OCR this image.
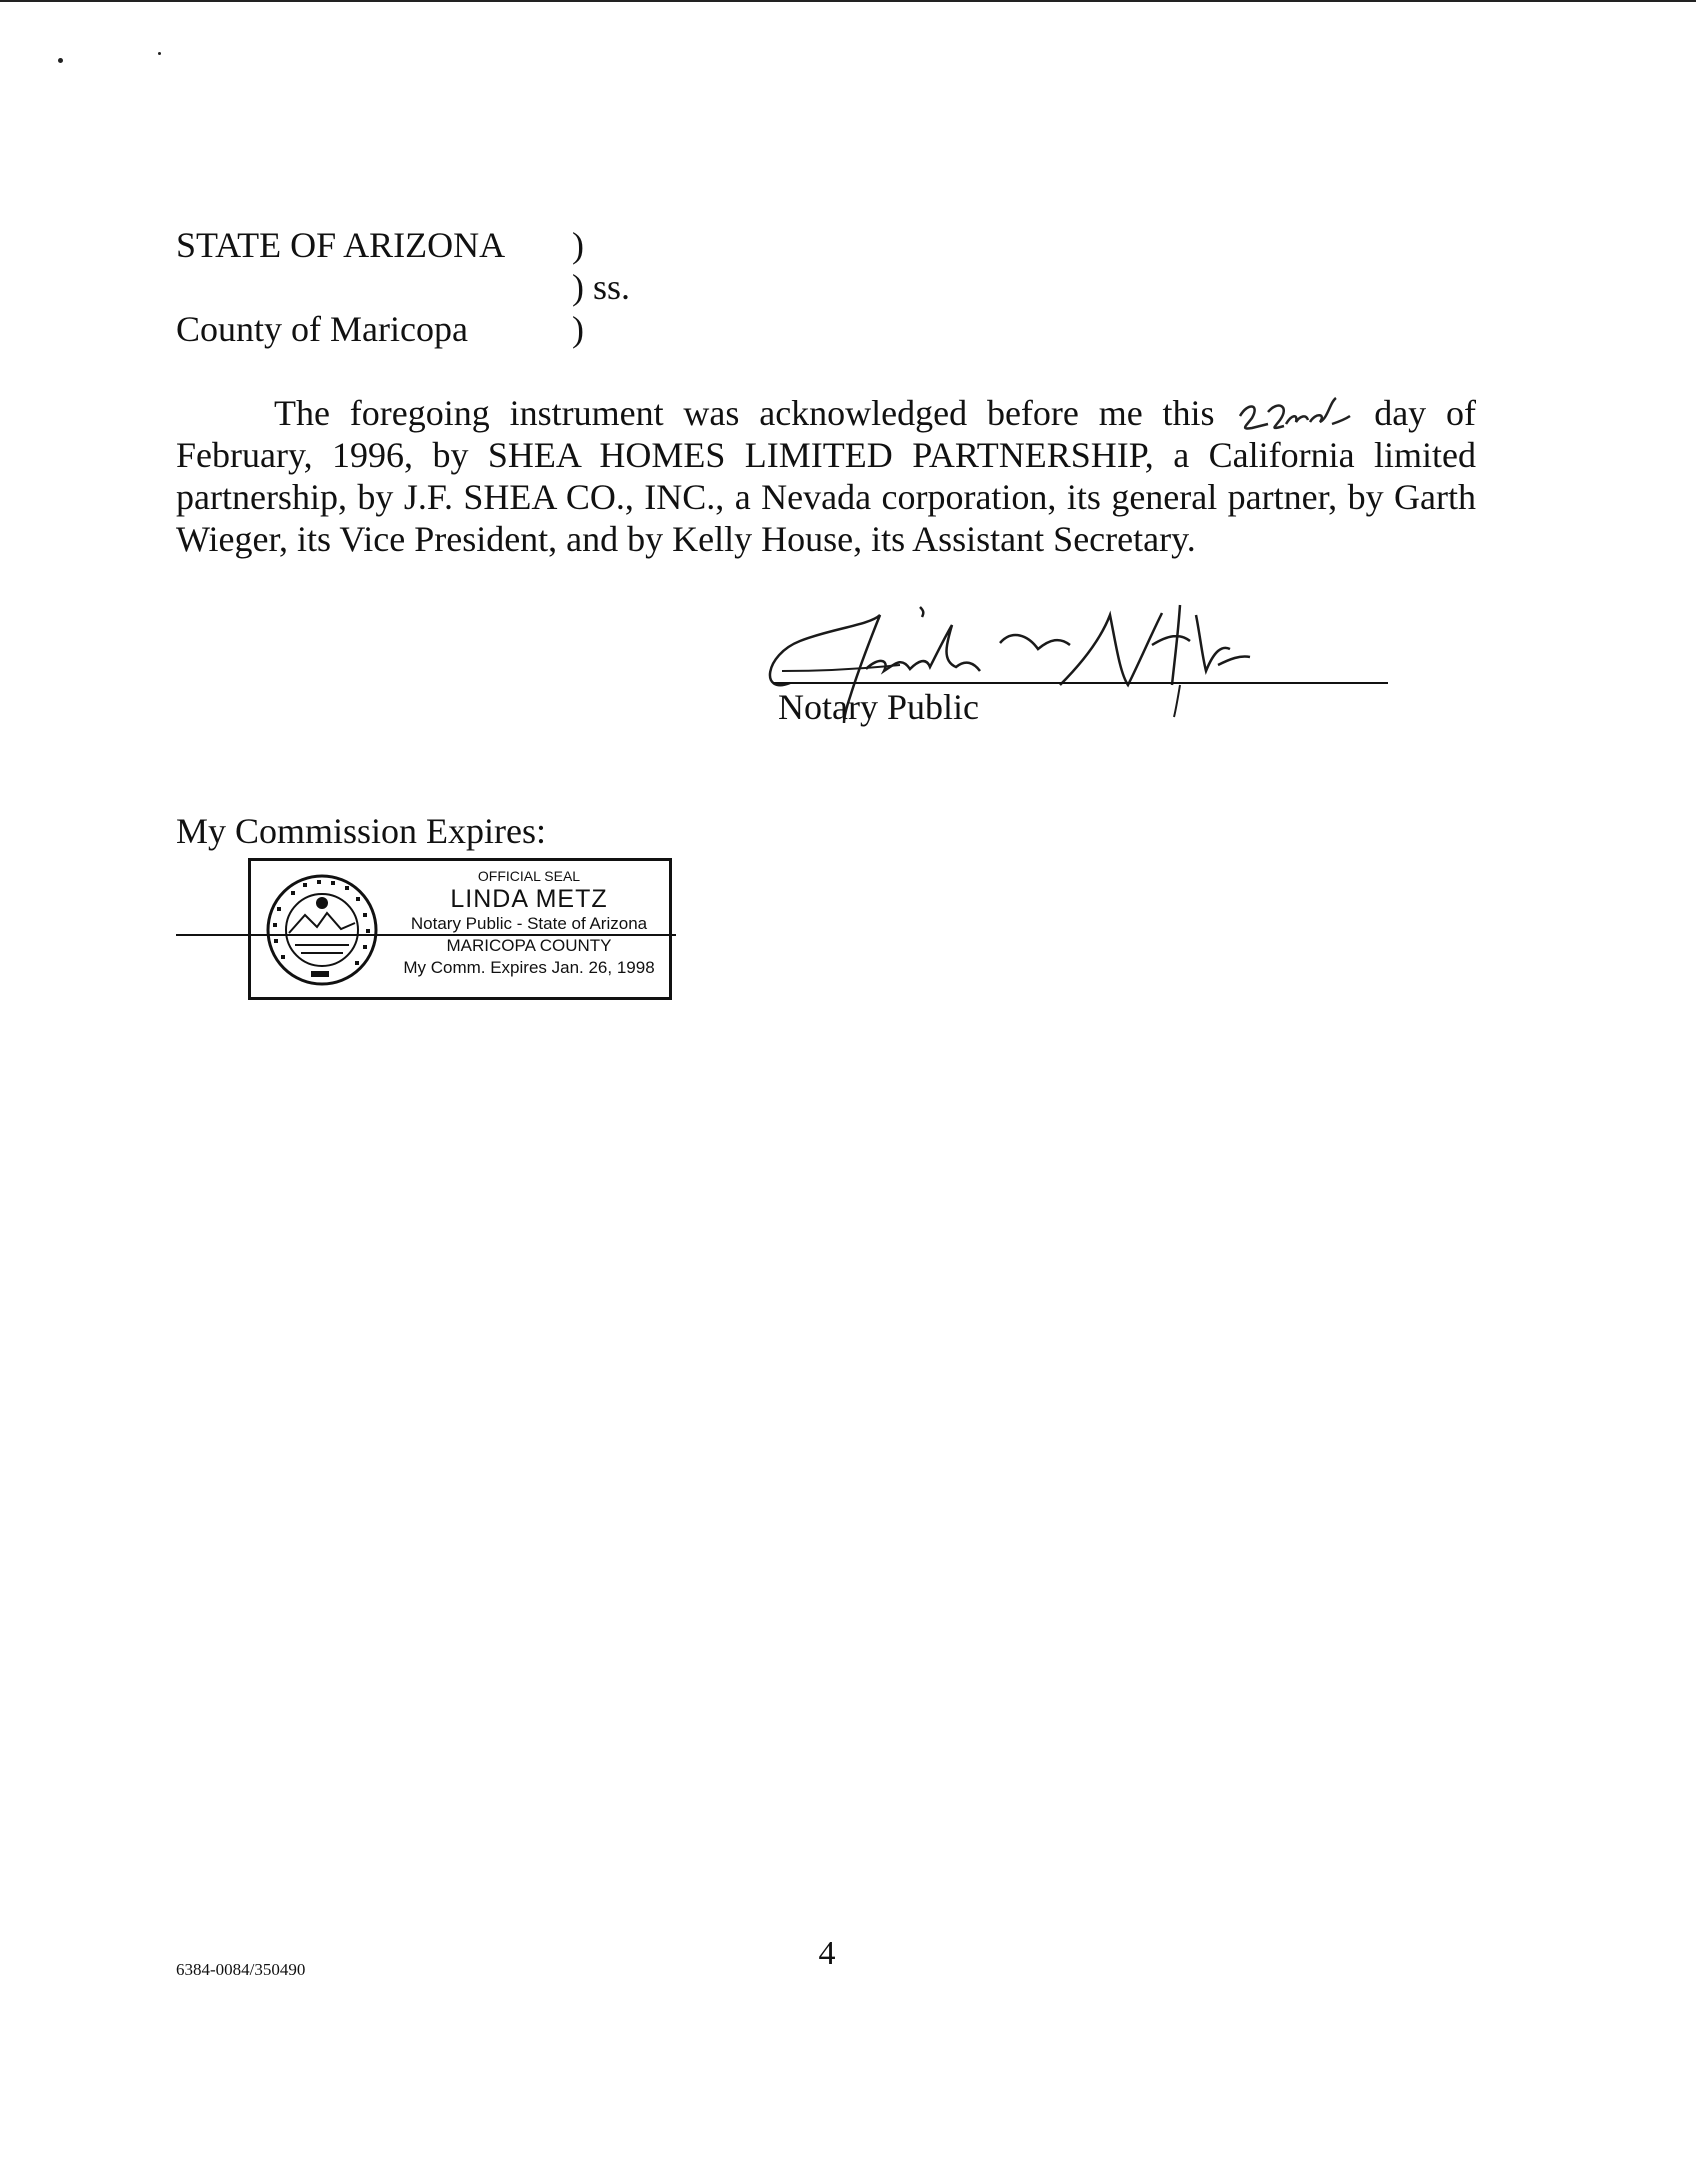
STATE OF ARIZONA )
) ss.
County of Maricopa	)

The foregoing instrument was acknowledged before me this	day of February, 1996, by SHEA HOMES LIMITED PARTNERSHIP, a California limited partnership, by J.F. SHEA CO., INC., a Nevada corporation, its general partner, by Garth Wieger, its Vice President, and by Kelly House, its Assistant Secretary.

Notary Public
My Commission Expires:
OFFICIAL SEAL
LINDA METZ
Notary Public - State of Arizona
MARICOPA COUNTY
My Comm. Expires Jan. 26, 1998
6384-0084/350490	4
